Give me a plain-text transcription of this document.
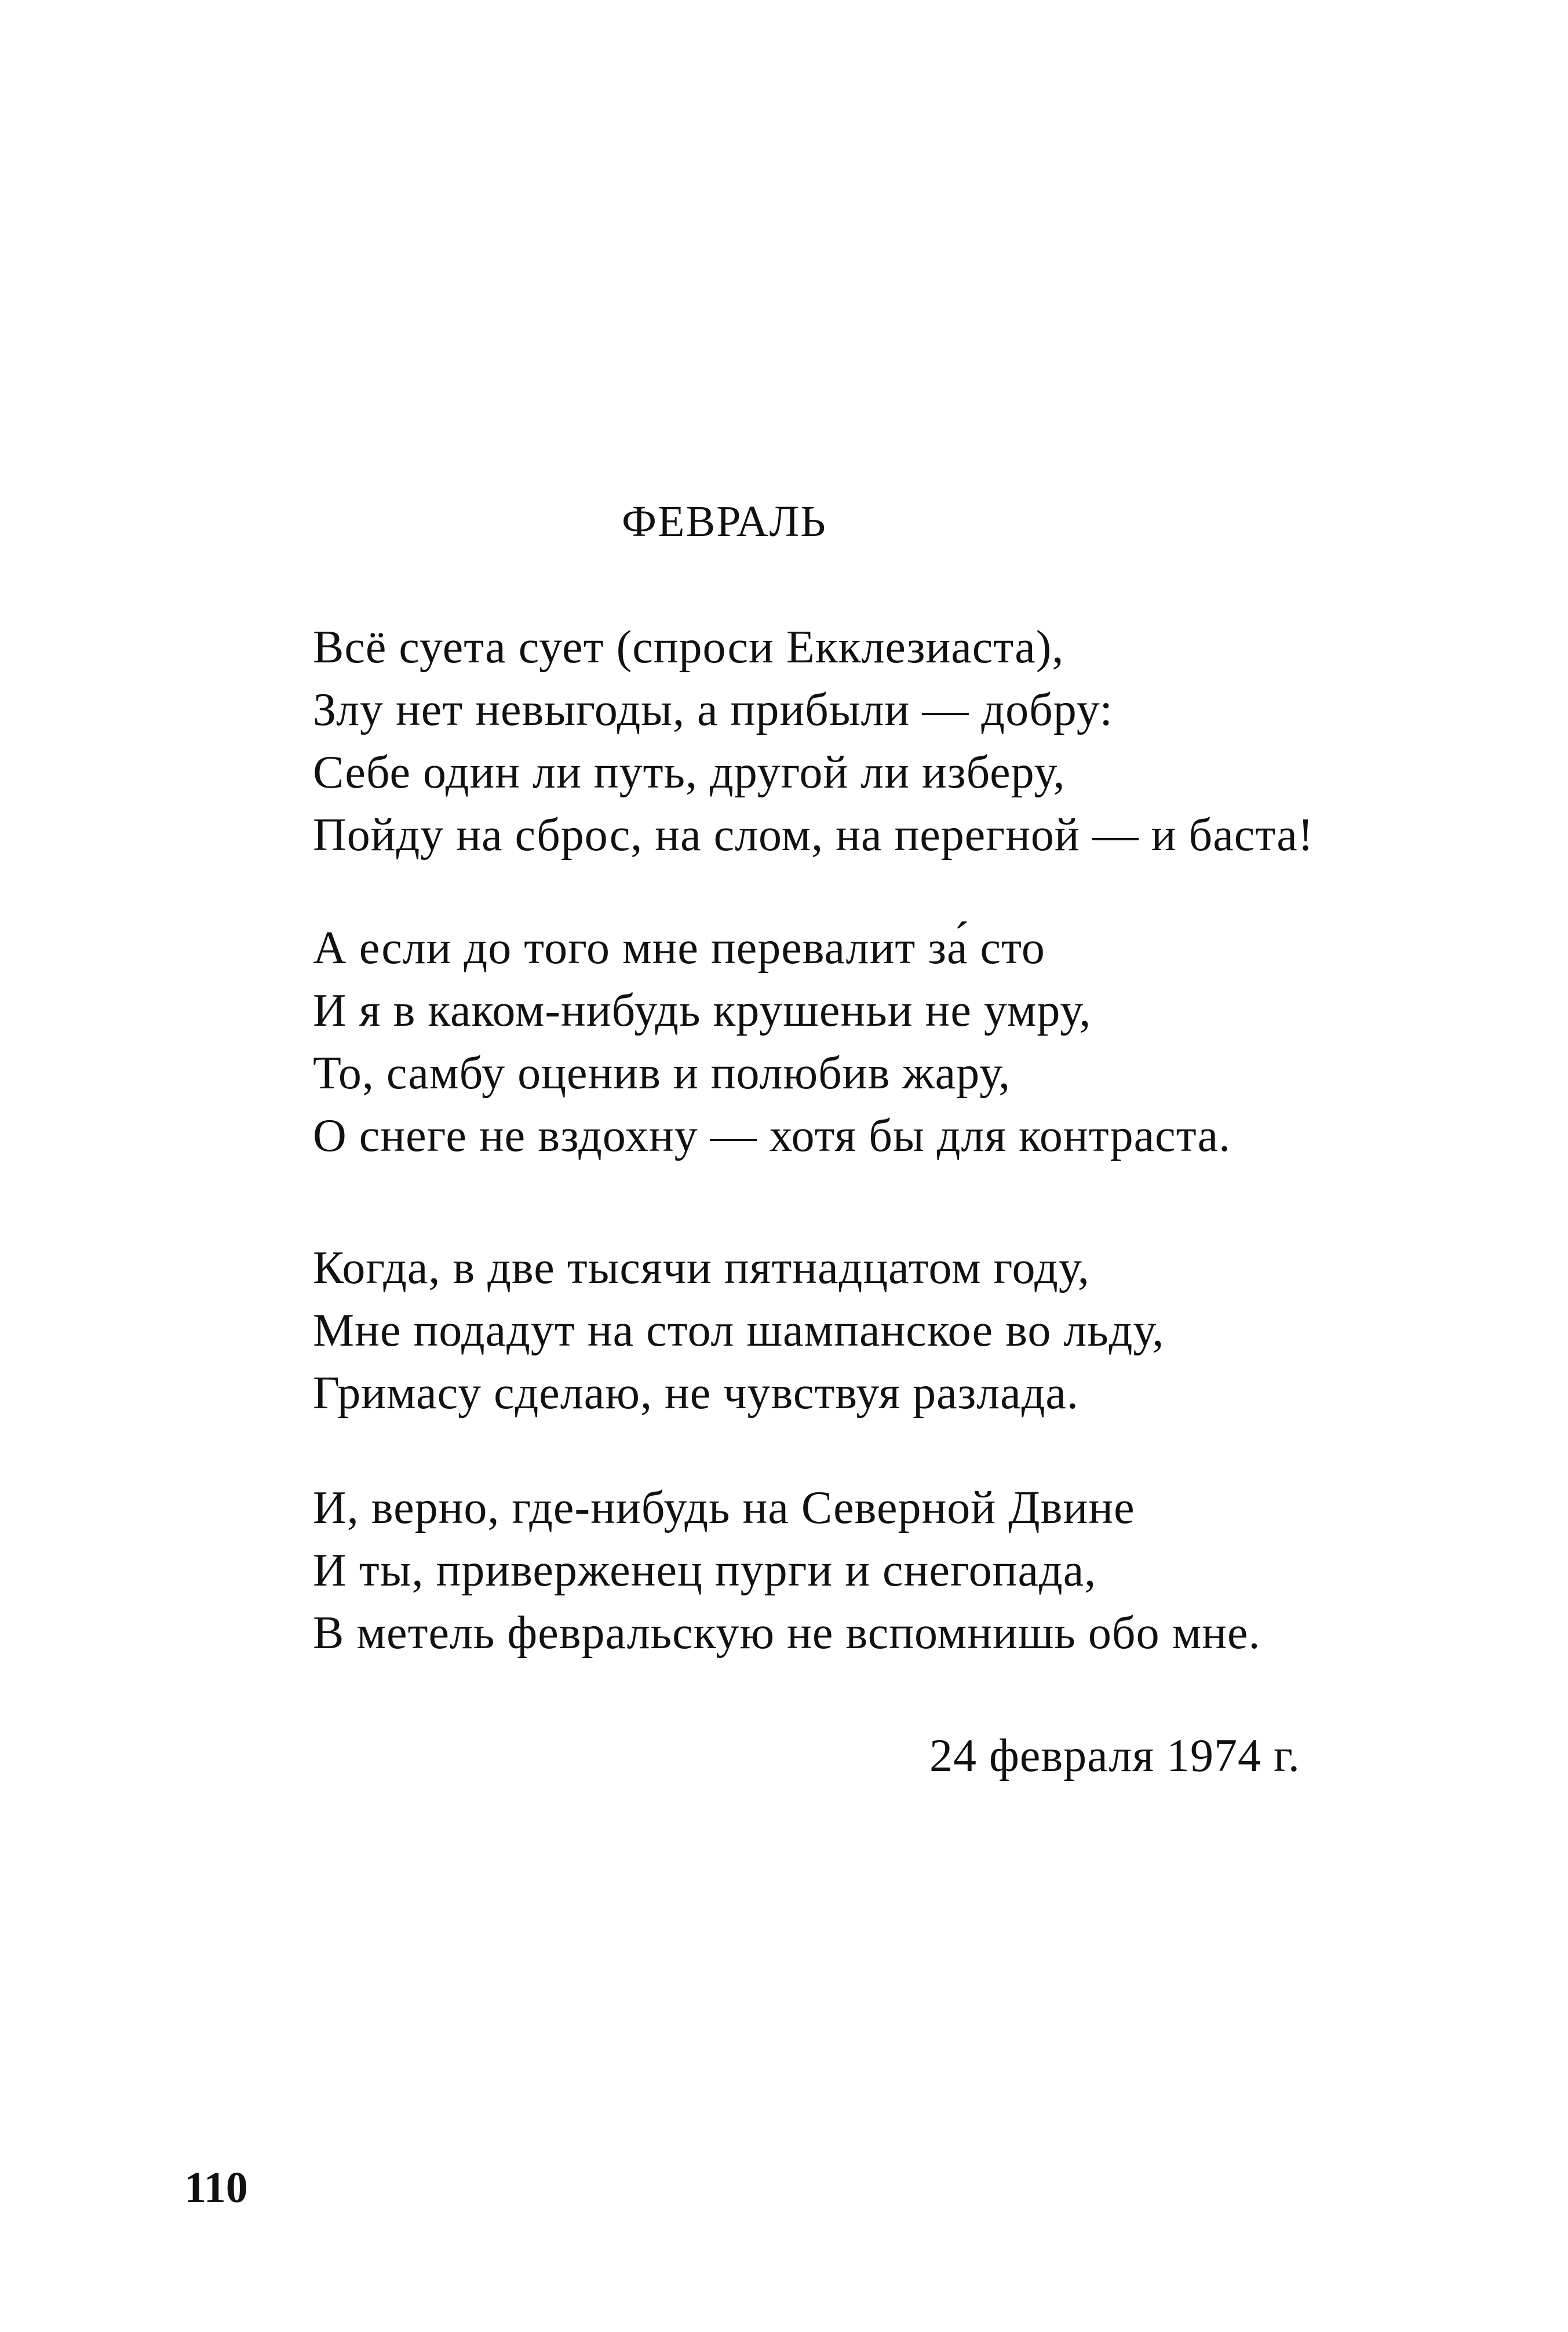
ФЕВРАЛЬ
Всё суета сует (спроси Екклезиаста),
Злу нет невыгоды, а прибыли — добру:
Себе один ли путь, другой ли изберу,
Пойду на сброс, на слом, на перегной — и баста!
А если до того мне перевалит за́ сто
И я в каком-нибудь крушеньи не умру,
То, самбу оценив и полюбив жару,
О снеге не вздохну — хотя бы для контраста.
Когда, в две тысячи пятнадцатом году,
Мне подадут на стол шампанское во льду,
Гримасу сделаю, не чувствуя разлада.
И, верно, где-нибудь на Северной Двине
И ты, приверженец пурги и снегопада,
В метель февральскую не вспомнишь обо мне.
24 февраля 1974 г.
110
